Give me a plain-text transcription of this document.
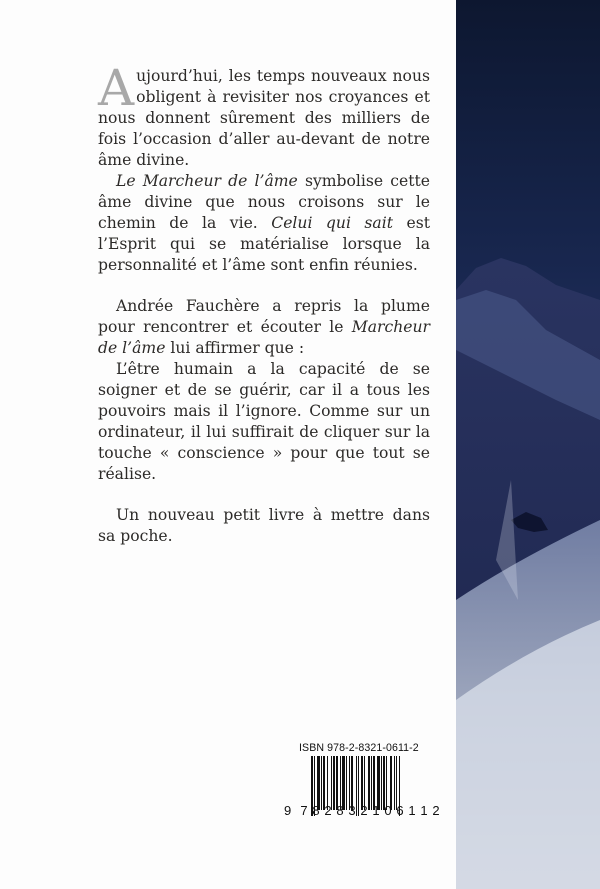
Aujourd’hui, les temps nouveaux nous obligent à revisiter nos croyances et nous donnent sûrement des milliers de fois l’occasion d’aller au-devant de notre âme divine.

Le Marcheur de l’âme symbolise cette âme divine que nous croisons sur le chemin de la vie. Celui qui sait est l’Esprit qui se matérialise lorsque la personnalité et l’âme sont enfin réunies.

Andrée Fauchère a repris la plume pour rencontrer et écouter le Marcheur de l’âme lui affirmer que :

L’être humain a la capacité de se soigner et de se guérir, car il a tous les pouvoirs mais il l’ignore. Comme sur un ordinateur, il lui suffirait de cliquer sur la touche « conscience » pour que tout se réalise.

Un nouveau petit livre à mettre dans sa poche.

ISBN 978-2-8321-0611-2
9 7 8 2 8 3 2 1 0 6 1 1 2
